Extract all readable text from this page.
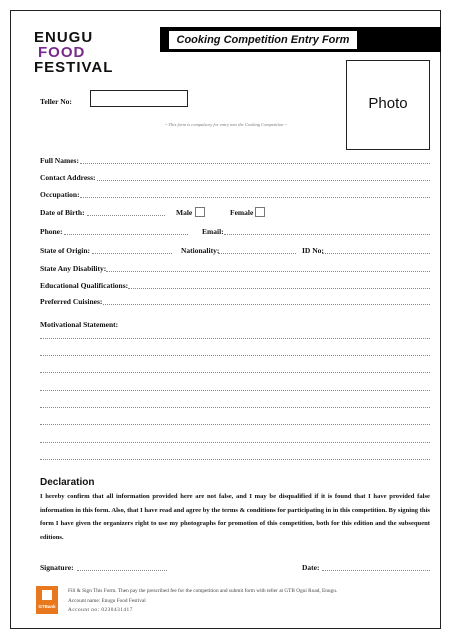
ENUGU
FOOD
FESTIVAL
Cooking Competition Entry Form
Photo
Teller No:
~ This form is compulsory for entry into the Cooking Competition ~
Full Names:
Contact Address:
Occupation:
Date of Birth:	Male	Female
Phone:	Email:
State of Origin:	Nationality:	ID No:
State Any Disability:
Educational Qualifications:
Preferred Cuisines:
Motivational Statement:
Declaration
I hereby confirm that all information provided here are not false, and I may be disqualified if it is found that I have provided false information in this form. Also, that I have read and agree by the terms & conditions for participating in in this competition. By signing this form I have given the organizers right to use my photographs for promotion of this competition, both for this edition and the subsequent editions.
Signature:	Date:
GTBank
Fill & Sign This Form. Then pay the prescribed fee for the competition and submit form with teller at GTB Ogui Road, Enugu.
Account name: Enugu Food Festival
Account no: 0230431417
